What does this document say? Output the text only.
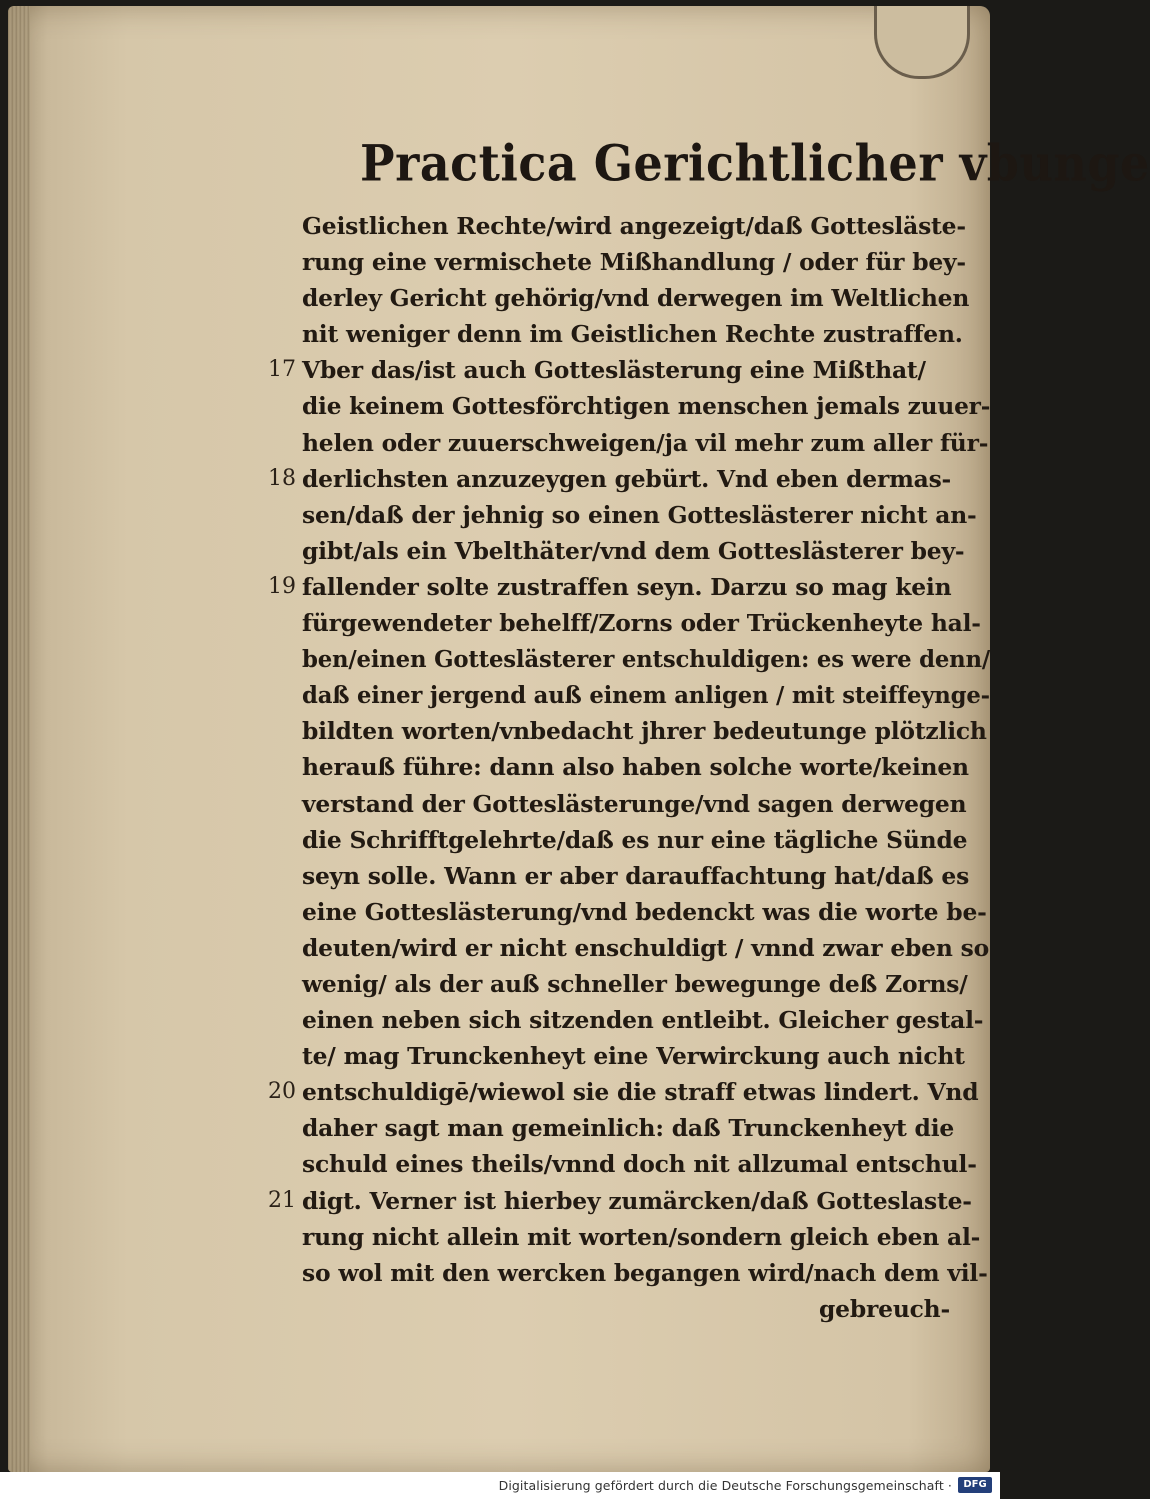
Practica Gerichtlicher vbunge
Geistlichen Rechte/wird angezeigt/daß Gottesläste-
rung eine vermischete Mißhandlung / oder für bey-
derley Gericht gehörig/vnd derwegen im Weltlichen
nit weniger denn im Geistlichen Rechte zustraffen.
17 Vber das/ist auch Gotteslästerung eine Mißthat/
die keinem Gottesförchtigen menschen jemals zuuer-
helen oder zuuerschweigen/ja vil mehr zum aller für-
18 derlichsten anzuzeygen gebürt. Vnd eben dermas-
sen/daß der jehnig so einen Gotteslästerer nicht an-
gibt/als ein Vbelthäter/vnd dem Gotteslästerer bey-
19 fallender solte zustraffen seyn. Darzu so mag kein
fürgewendeter behelff/Zorns oder Trückenheyte hal-
ben/einen Gotteslästerer entschuldigen: es were denn/
daß einer jergend auß einem anligen / mit steiffeynge-
bildten worten/vnbedacht jhrer bedeutunge plötzlich
herauß führe: dann also haben solche worte/keinen
verstand der Gotteslästerunge/vnd sagen derwegen
die Schrifftgelehrte/daß es nur eine tägliche Sünde
seyn solle. Wann er aber darauffachtung hat/daß es
eine Gotteslästerung/vnd bedenckt was die worte be-
deuten/wird er nicht enschuldigt / vnnd zwar eben so
wenig/ als der auß schneller bewegunge deß Zorns/
einen neben sich sitzenden entleibt. Gleicher gestal-
te/ mag Trunckenheyt eine Verwirckung auch nicht
20 entschuldigē/wiewol sie die straff etwas lindert. Vnd
daher sagt man gemeinlich: daß Trunckenheyt die
schuld eines theils/vnnd doch nit allzumal entschul-
21 digt. Verner ist hierbey zumärcken/daß Gotteslaste-
rung nicht allein mit worten/sondern gleich eben al-
so wol mit den wercken begangen wird/nach dem vil-
gebreuch-
Digitalisierung gefördert durch die Deutsche Forschungsgemeinschaft ·	DFG
